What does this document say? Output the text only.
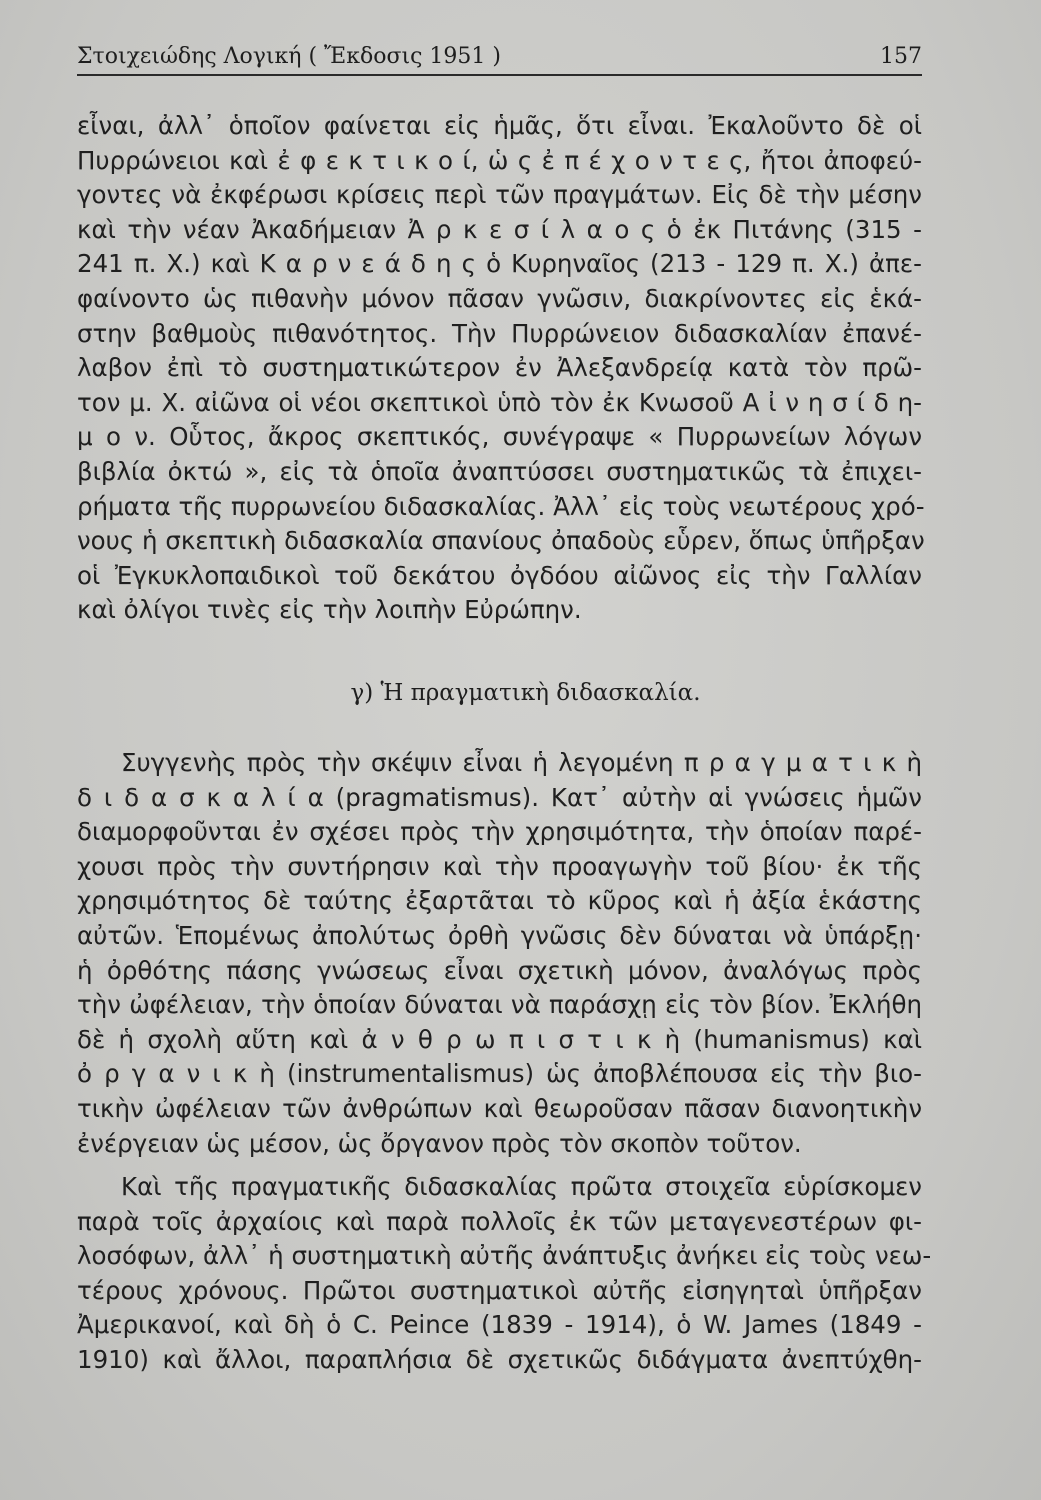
Στοιχειώδης Λογική ( Ἔκδοσις 1951 )	157
εἶναι, ἀλλ᾽ ὁποῖον φαίνεται εἰς ἡμᾶς, ὅτι εἶναι. Ἐκαλοῦντο δὲ οἱ
Πυρρώνειοι καὶ ἐ φ ε κ τ ι κ ο ί, ὡ ς ἐ π έ χ ο ν τ ε ς, ἤτοι ἀποφεύ-
γοντες νὰ ἐκφέρωσι κρίσεις περὶ τῶν πραγμάτων. Εἰς δὲ τὴν μέσην
καὶ τὴν νέαν Ἀκαδήμειαν Ἀ ρ κ ε σ ί λ α ο ς ὁ ἐκ Πιτάνης (315 -
241 π. Χ.) καὶ Κ α ρ ν ε ά δ η ς ὁ Κυρηναῖος (213 - 129 π. Χ.) ἀπε-
φαίνοντο ὡς πιθανὴν μόνον πᾶσαν γνῶσιν, διακρίνοντες εἰς ἑκά-
στην βαθμοὺς πιθανότητος. Τὴν Πυρρώνειον διδασκαλίαν ἐπανέ-
λαβον ἐπὶ τὸ συστηματικώτερον ἐν Ἀλεξανδρείᾳ κατὰ τὸν πρῶ-
τον μ. Χ. αἰῶνα οἱ νέοι σκεπτικοὶ ὑπὸ τὸν ἐκ Κνωσοῦ Α ἰ ν η σ ί δ η-
μ ο ν. Οὗτος, ἄκρος σκεπτικός, συνέγραψε « Πυρρωνείων λόγων
βιβλία ὀκτώ », εἰς τὰ ὁποῖα ἀναπτύσσει συστηματικῶς τὰ ἐπιχει-
ρήματα τῆς πυρρωνείου διδασκαλίας. Ἀλλ᾽ εἰς τοὺς νεωτέρους χρό-
νους ἡ σκεπτικὴ διδασκαλία σπανίους ὀπαδοὺς εὗρεν, ὅπως ὑπῆρξαν
οἱ Ἐγκυκλοπαιδικοὶ τοῦ δεκάτου ὀγδόου αἰῶνος εἰς τὴν Γαλλίαν
καὶ ὀλίγοι τινὲς εἰς τὴν λοιπὴν Εὐρώπην.
γ) Ἡ πραγματικὴ διδασκαλία.
Συγγενὴς πρὸς τὴν σκέψιν εἶναι ἡ λεγομένη π ρ α γ μ α τ ι κ ὴ
δ ι δ α σ κ α λ ί α (pragmatismus). Κατ᾽ αὐτὴν αἱ γνώσεις ἡμῶν
διαμορφοῦνται ἐν σχέσει πρὸς τὴν χρησιμότητα, τὴν ὁποίαν παρέ-
χουσι πρὸς τὴν συντήρησιν καὶ τὴν προαγωγὴν τοῦ βίου· ἐκ τῆς
χρησιμότητος δὲ ταύτης ἐξαρτᾶται τὸ κῦρος καὶ ἡ ἀξία ἑκάστης
αὐτῶν. Ἑπομένως ἀπολύτως ὀρθὴ γνῶσις δὲν δύναται νὰ ὑπάρξῃ·
ἡ ὀρθότης πάσης γνώσεως εἶναι σχετικὴ μόνον, ἀναλόγως πρὸς
τὴν ὠφέλειαν, τὴν ὁποίαν δύναται νὰ παράσχῃ εἰς τὸν βίον. Ἐκλήθη
δὲ ἡ σχολὴ αὕτη καὶ ἀ ν θ ρ ω π ι σ τ ι κ ὴ (humanismus) καὶ
ὀ ρ γ α ν ι κ ὴ (instrumentalismus) ὡς ἀποβλέπουσα εἰς τὴν βιο-
τικὴν ὠφέλειαν τῶν ἀνθρώπων καὶ θεωροῦσαν πᾶσαν διανοητικὴν
ἐνέργειαν ὡς μέσον, ὡς ὄργανον πρὸς τὸν σκοπὸν τοῦτον.
Καὶ τῆς πραγματικῆς διδασκαλίας πρῶτα στοιχεῖα εὑρίσκομεν
παρὰ τοῖς ἀρχαίοις καὶ παρὰ πολλοῖς ἐκ τῶν μεταγενεστέρων φι-
λοσόφων, ἀλλ᾽ ἡ συστηματικὴ αὐτῆς ἀνάπτυξις ἀνήκει εἰς τοὺς νεω-
τέρους χρόνους. Πρῶτοι συστηματικοὶ αὐτῆς εἰσηγηταὶ ὑπῆρξαν
Ἀμερικανοί, καὶ δὴ ὁ C. Peince (1839 - 1914), ὁ W. James (1849 -
1910) καὶ ἄλλοι, παραπλήσια δὲ σχετικῶς διδάγματα ἀνεπτύχθη-
